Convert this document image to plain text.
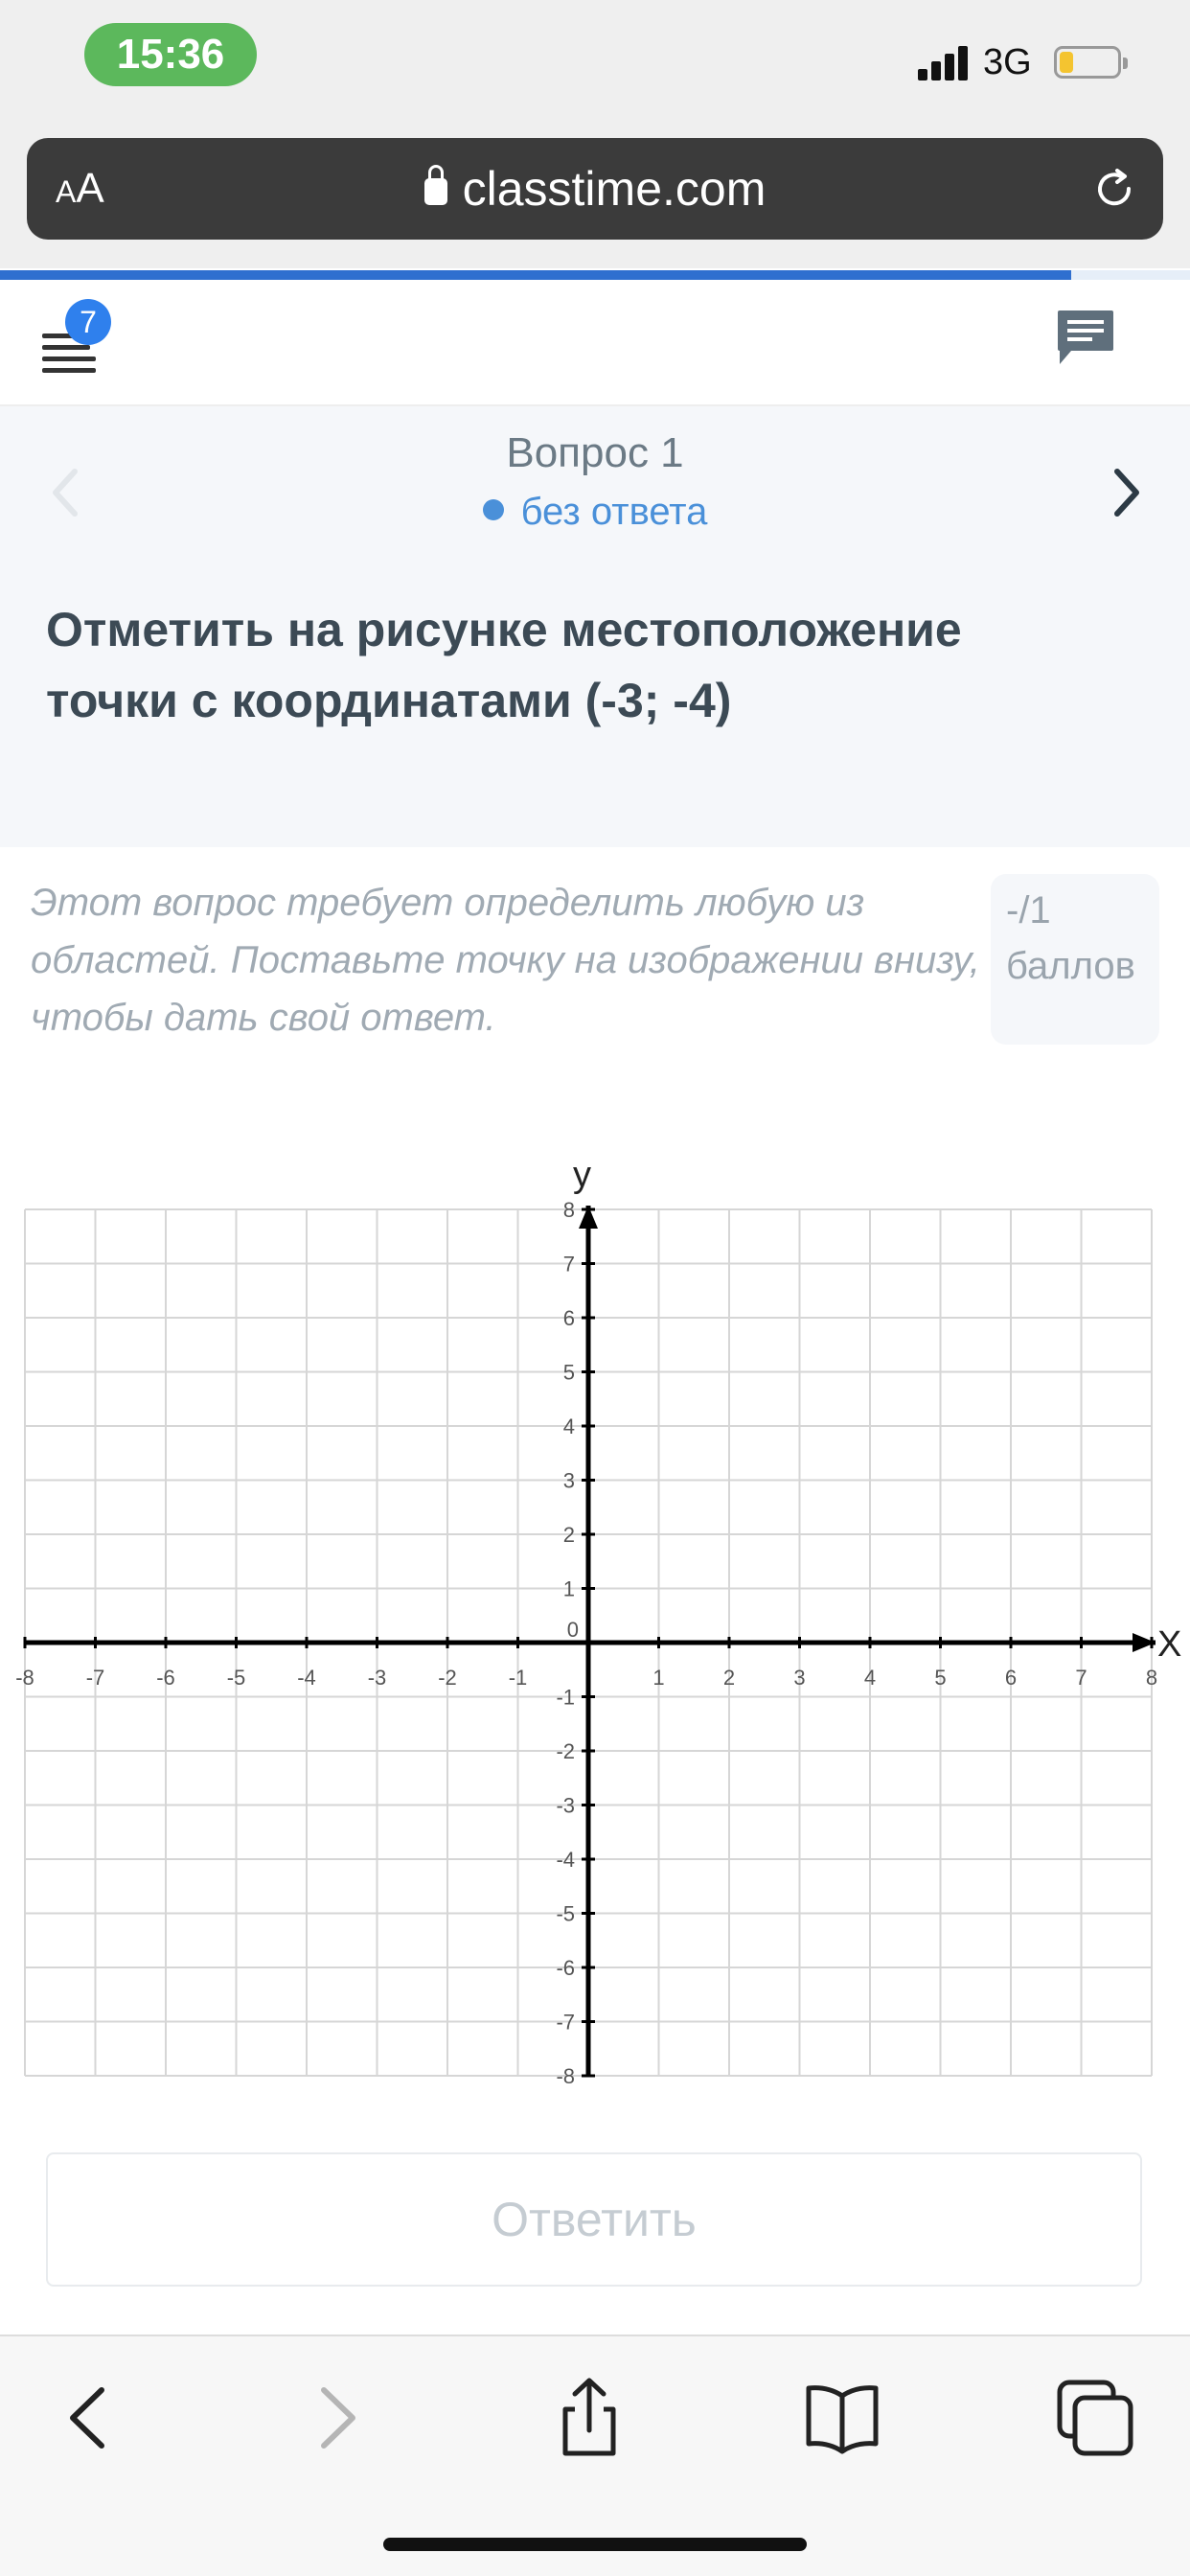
15:36	3G
AA	classtime.com
7
Вопрос 1
без ответа
Отметить на рисунке местоположение точки с координатами (-3; -4)
Этот вопрос требует определить любую из областей. Поставьте точку на изображении внизу, чтобы дать свой ответ.
-/1
баллов
X
y
-8 -7 -6 -5 -4 -3 -2 -1	1	2	3	4	5	6	7	8
-8
-7
-6
-5
-4
-3
-2
-1
1
2
3
4
5
6
7
8
0
Ответить
